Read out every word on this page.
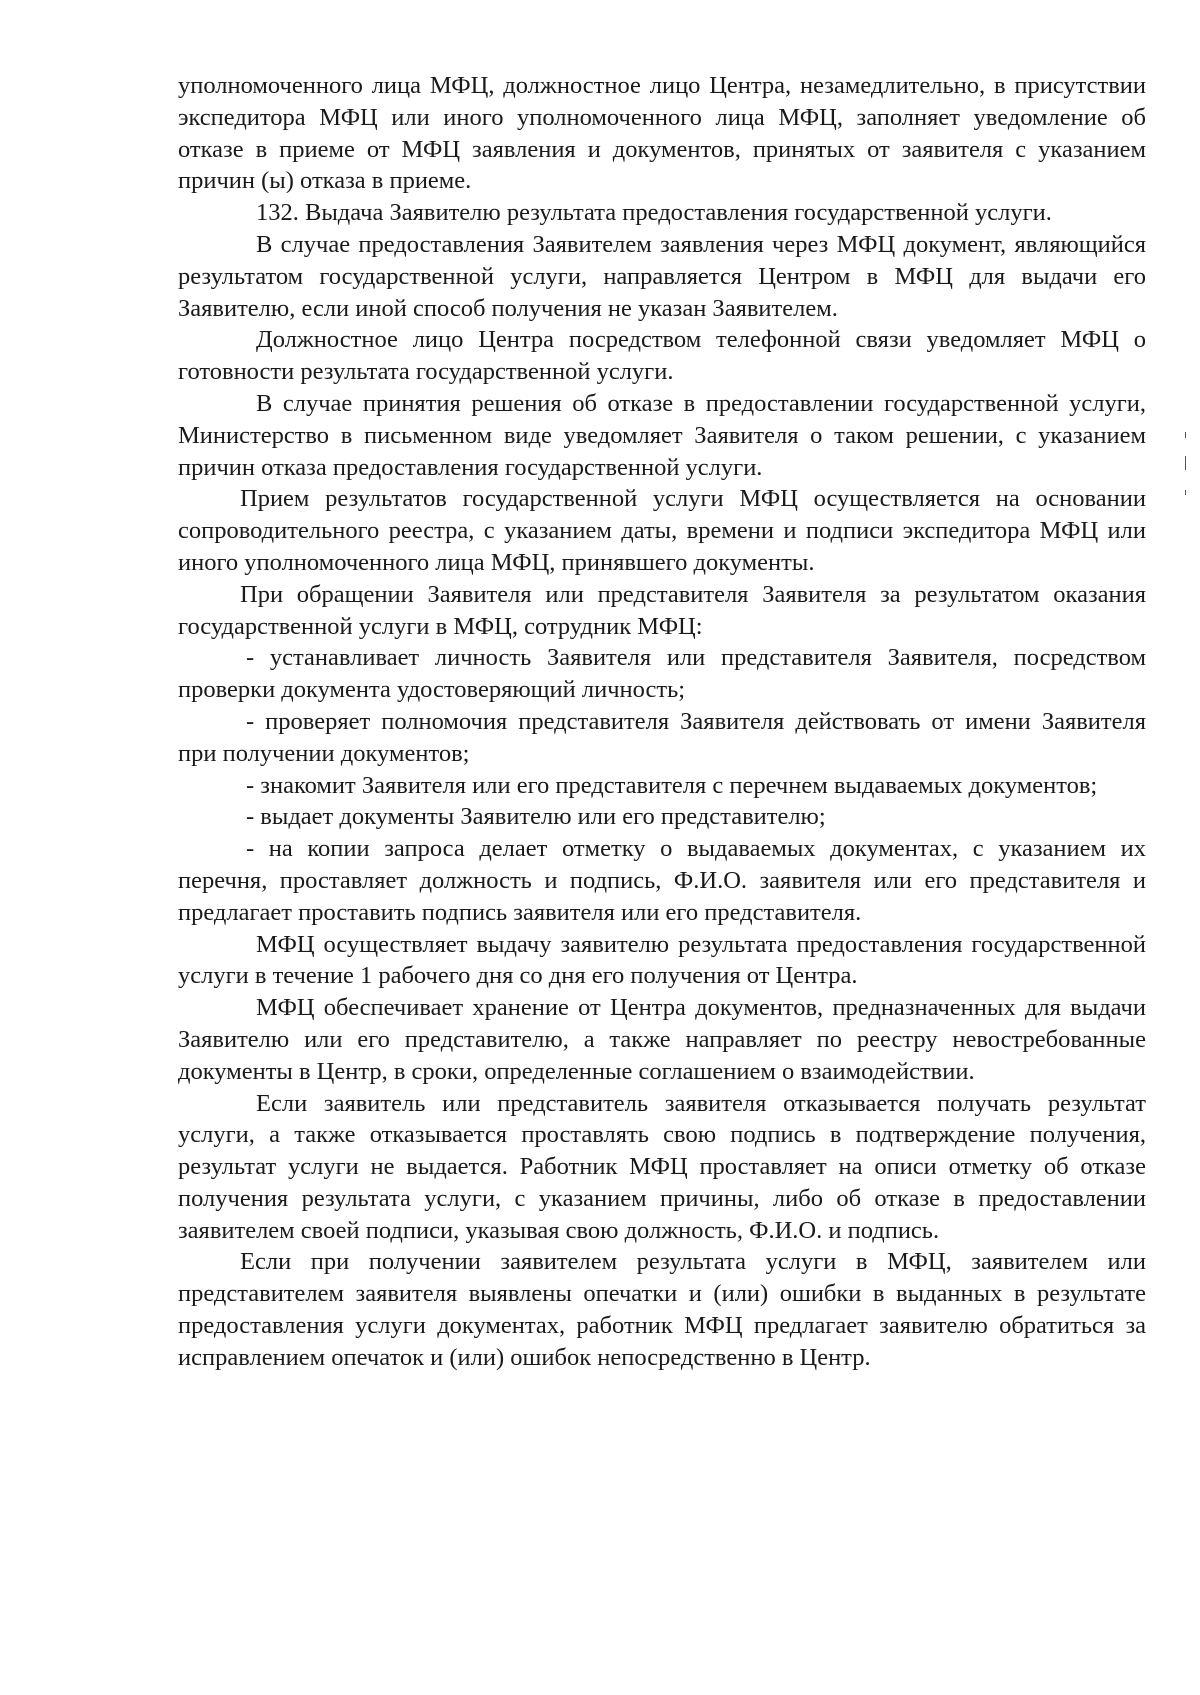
уполномоченного лица МФЦ, должностное лицо Центра, незамедлительно, в присутствии экспедитора МФЦ или иного уполномоченного лица МФЦ, заполняет уведомление об отказе в приеме от МФЦ заявления и документов, принятых от заявителя с указанием причин (ы) отказа в приеме.

132. Выдача Заявителю результата предоставления государственной услуги.

В случае предоставления Заявителем заявления через МФЦ документ, являющийся результатом государственной услуги, направляется Центром в МФЦ для выдачи его Заявителю, если иной способ получения не указан Заявителем.

Должностное лицо Центра посредством телефонной связи уведомляет МФЦ о готовности результата государственной услуги.

В случае принятия решения об отказе в предоставлении государственной услуги, Министерство в письменном виде уведомляет Заявителя о таком решении, с указанием причин отказа предоставления государственной услуги.

Прием результатов государственной услуги МФЦ осуществляется на основании сопроводительного реестра, с указанием даты, времени и подписи экспедитора МФЦ или иного уполномоченного лица МФЦ, принявшего документы.

При обращении Заявителя или представителя Заявителя за результатом оказания государственной услуги в МФЦ, сотрудник МФЦ:

- устанавливает личность Заявителя или представителя Заявителя, посредством проверки документа удостоверяющий личность;

- проверяет полномочия представителя Заявителя действовать от имени Заявителя при получении документов;

- знакомит Заявителя или его представителя с перечнем выдаваемых документов;

- выдает документы Заявителю или его представителю;

- на копии запроса делает отметку о выдаваемых документах, с указанием их перечня, проставляет должность и подпись, Ф.И.О. заявителя или его представителя и предлагает проставить подпись заявителя или его представителя.

МФЦ осуществляет выдачу заявителю результата предоставления государственной услуги в течение 1 рабочего дня со дня его получения от Центра.

МФЦ обеспечивает хранение от Центра документов, предназначенных для выдачи Заявителю или его представителю, а также направляет по реестру невостребованные документы в Центр, в сроки, определенные соглашением о взаимодействии.

Если заявитель или представитель заявителя отказывается получать результат услуги, а также отказывается проставлять свою подпись в подтверждение получения, результат услуги не выдается. Работник МФЦ проставляет на описи отметку об отказе получения результата услуги, с указанием причины, либо об отказе в предоставлении заявителем своей подписи, указывая свою должность, Ф.И.О. и подпись.

Если при получении заявителем результата услуги в МФЦ, заявителем или представителем заявителя выявлены опечатки и (или) ошибки в выданных в результате предоставления услуги документах, работник МФЦ предлагает заявителю обратиться за исправлением опечаток и (или) ошибок непосредственно в Центр.
